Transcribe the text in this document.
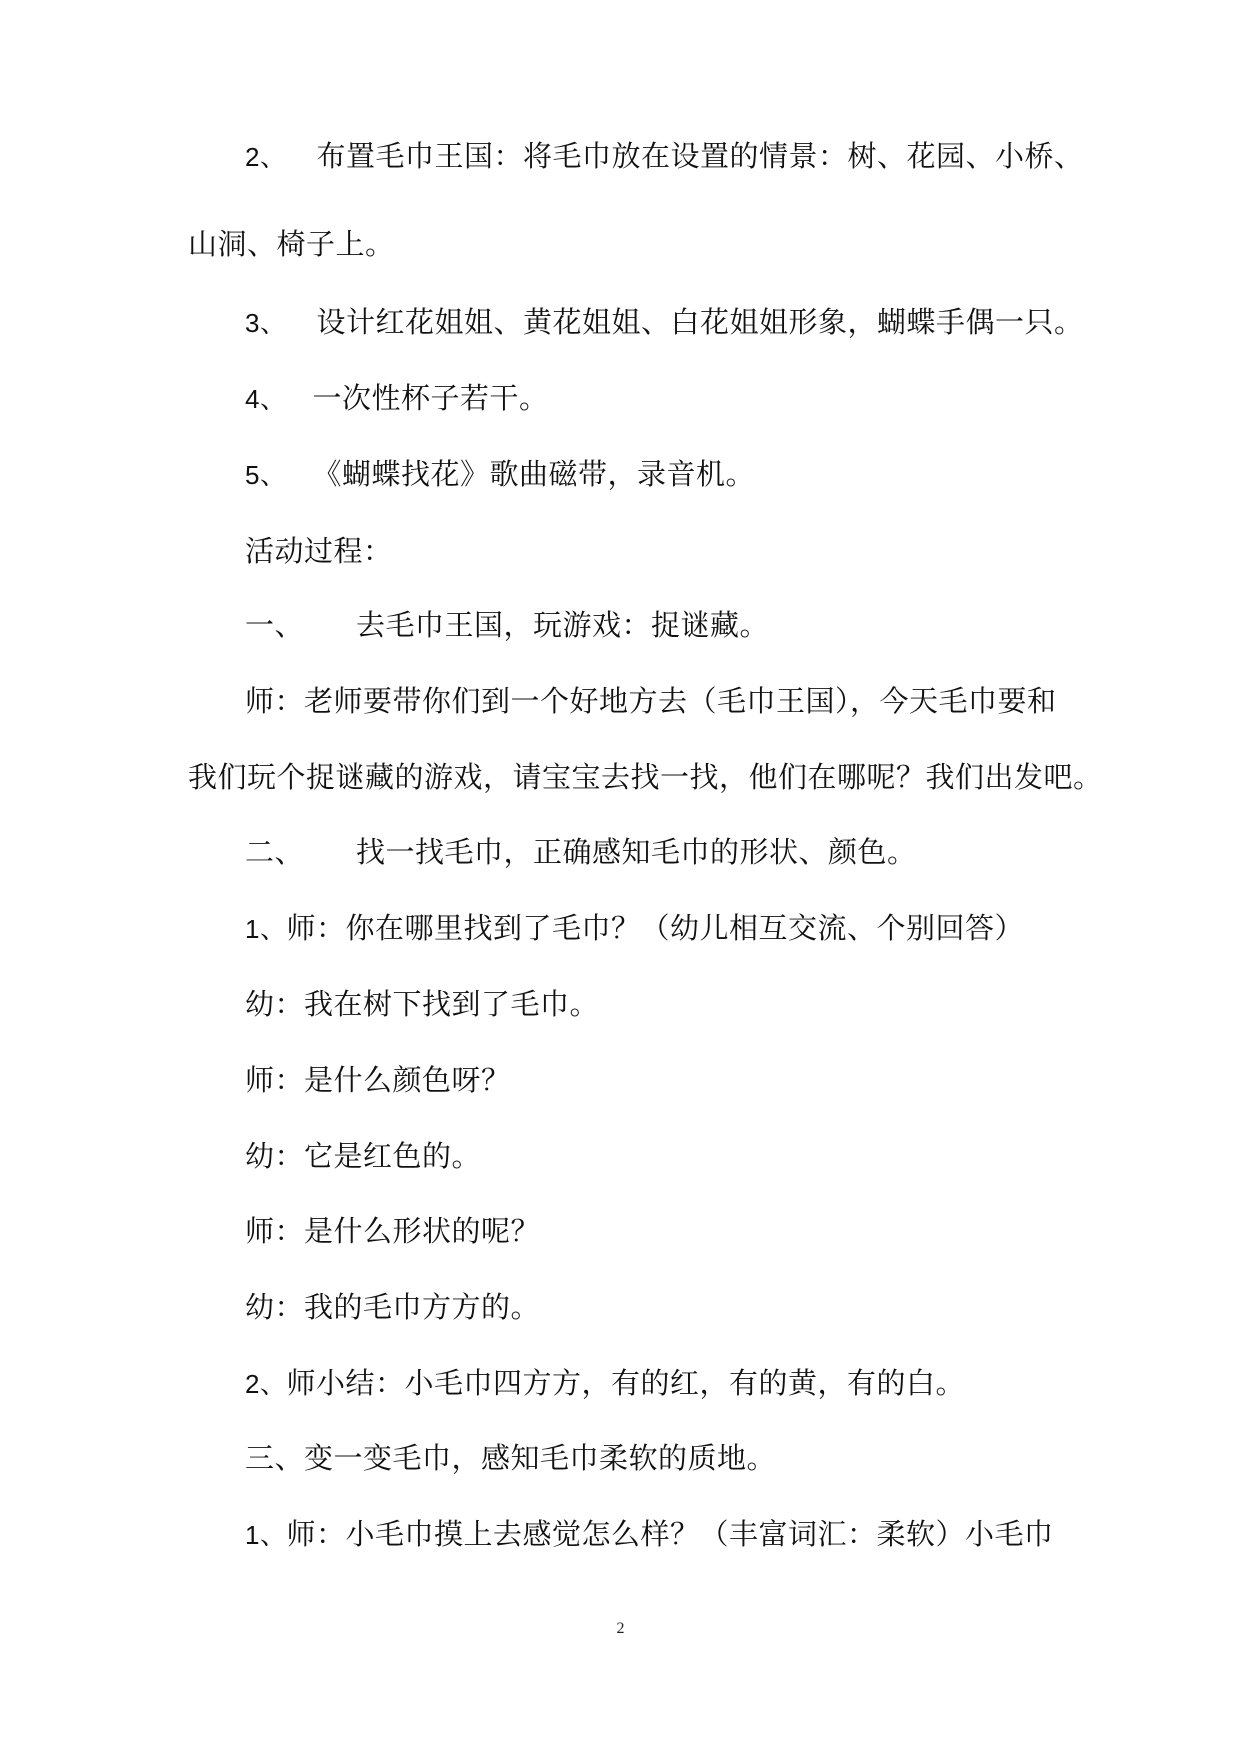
2、 布置毛巾王国：将毛巾放在设置的情景：树、花园、小桥、
山洞、椅子上。
3、 设计红花姐姐、黄花姐姐、白花姐姐形象，蝴蝶手偶一只。
4、 一次性杯子若干。
5、 《蝴蝶找花》歌曲磁带，录音机。
活动过程：
一、 去毛巾王国，玩游戏：捉谜藏。
师：老师要带你们到一个好地方去（毛巾王国），今天毛巾要和
我们玩个捉谜藏的游戏，请宝宝去找一找，他们在哪呢？我们出发吧。
二、 找一找毛巾，正确感知毛巾的形状、颜色。
1、师：你在哪里找到了毛巾？（幼儿相互交流、个别回答）
幼：我在树下找到了毛巾。
师：是什么颜色呀？
幼：它是红色的。
师：是什么形状的呢？
幼：我的毛巾方方的。
2、师小结：小毛巾四方方，有的红，有的黄，有的白。
三、变一变毛巾，感知毛巾柔软的质地。
1、师：小毛巾摸上去感觉怎么样？（丰富词汇：柔软）小毛巾
2
